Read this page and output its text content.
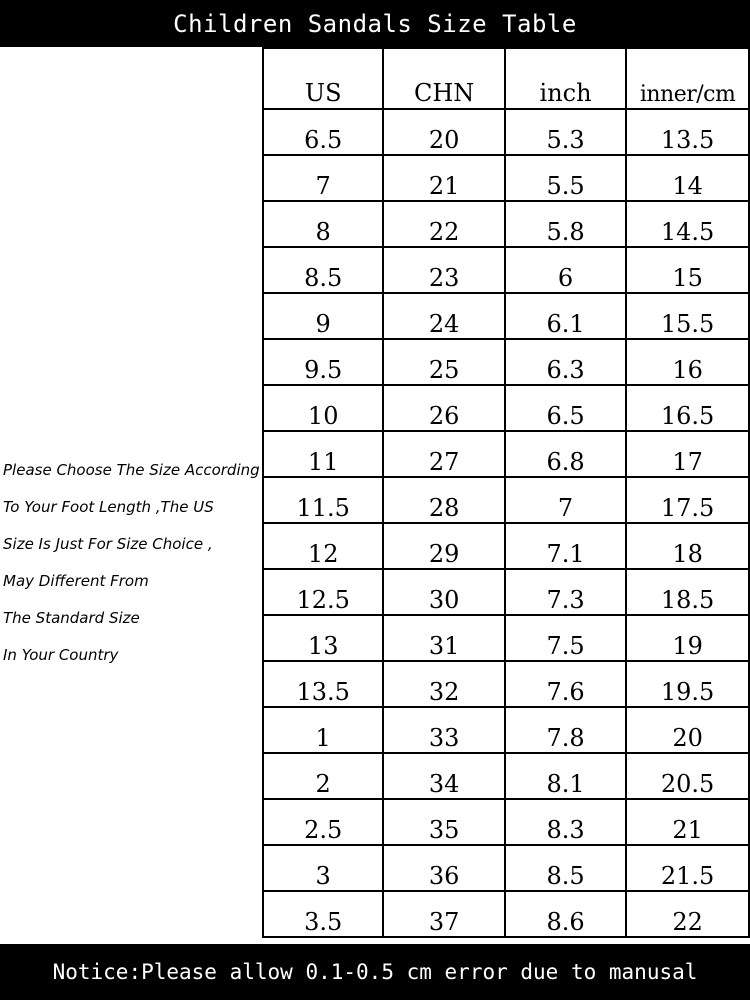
Children Sandals Size Table
Please Choose The Size According
To Your Foot Length ,The US
Size Is Just For Size Choice ,
May Different From
The Standard Size
In Your Country
US	CHN	inch	inner/cm
6.5	20	5.3	13.5
7	21	5.5	14
8	22	5.8	14.5
8.5	23	6	15
9	24	6.1	15.5
9.5	25	6.3	16
10	26	6.5	16.5
11	27	6.8	17
11.5	28	7	17.5
12	29	7.1	18
12.5	30	7.3	18.5
13	31	7.5	19
13.5	32	7.6	19.5
1	33	7.8	20
2	34	8.1	20.5
2.5	35	8.3	21
3	36	8.5	21.5
3.5	37	8.6	22
Notice:Please allow 0.1-0.5 cm error due to manusal
